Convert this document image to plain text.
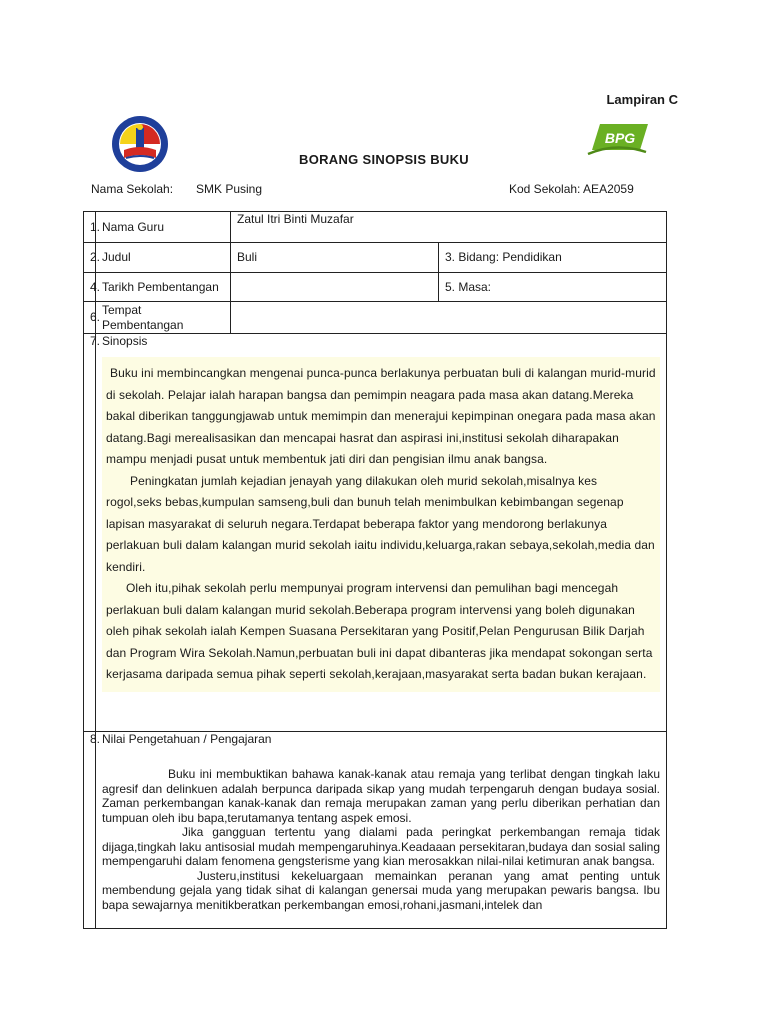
Lampiran C
BPG
BORANG SINOPSIS BUKU
Nama Sekolah: SMK Pusing	Kod Sekolah: AEA2059
1.	Nama Guru	Zatul Itri Binti Muzafar	
2.	Judul	Buli	3. Bidang: Pendidikan
4.	Tarikh Pembentangan		5. Masa:
6.	Tempat Pembentangan		
7.	Sinopsis

Buku ini membincangkan mengenai punca-punca berlakunya perbuatan buli di kalangan murid-murid di sekolah. Pelajar ialah harapan bangsa dan pemimpin neagara pada masa akan datang.Mereka bakal diberikan tanggungjawab untuk memimpin dan menerajui kepimpinan onegara pada masa akan datang.Bagi merealisasikan dan mencapai hasrat dan aspirasi ini,institusi sekolah diharapakan mampu menjadi pusat untuk membentuk jati diri dan pengisian ilmu anak bangsa.

Peningkatan jumlah kejadian jenayah yang dilakukan oleh murid sekolah,misalnya kes rogol,seks bebas,kumpulan samseng,buli dan bunuh telah menimbulkan kebimbangan segenap lapisan masyarakat di seluruh negara.Terdapat beberapa faktor yang mendorong berlakunya perlakuan buli dalam kalangan murid sekolah iaitu individu,keluarga,rakan sebaya,sekolah,media dan kendiri.

Oleh itu,pihak sekolah perlu mempunyai program intervensi dan pemulihan bagi mencegah perlakuan buli dalam kalangan murid sekolah.Beberapa program intervensi yang boleh digunakan oleh pihak sekolah ialah Kempen Suasana Persekitaran yang Positif,Pelan Pengurusan Bilik Darjah dan Program Wira Sekolah.Namun,perbuatan buli ini dapat dibanteras jika mendapat sokongan serta kerjasama daripada semua pihak seperti sekolah,kerajaan,masyarakat serta badan bukan kerajaan.		

8.	Nilai Pengetahuan / Pengajaran

Buku ini membuktikan bahawa kanak-kanak atau remaja yang terlibat dengan tingkah laku agresif dan delinkuen adalah berpunca daripada sikap yang mudah terpengaruh dengan budaya sosial. Zaman perkembangan kanak-kanak dan remaja merupakan zaman yang perlu diberikan perhatian dan tumpuan oleh ibu bapa,terutamanya tentang aspek emosi.

Jika gangguan tertentu yang dialami pada peringkat perkembangan remaja tidak dijaga,tingkah laku antisosial mudah mempengaruhinya.Keadaaan persekitaran,budaya dan sosial saling mempengaruhi dalam fenomena gengsterisme yang kian merosakkan nilai-nilai ketimuran anak bangsa.

Justeru,institusi kekeluargaan memainkan peranan yang amat penting untuk membendung gejala yang tidak sihat di kalangan genersai muda yang merupakan pewaris bangsa. Ibu bapa sewajarnya menitikberatkan perkembangan emosi,rohani,jasmani,intelek dan		
